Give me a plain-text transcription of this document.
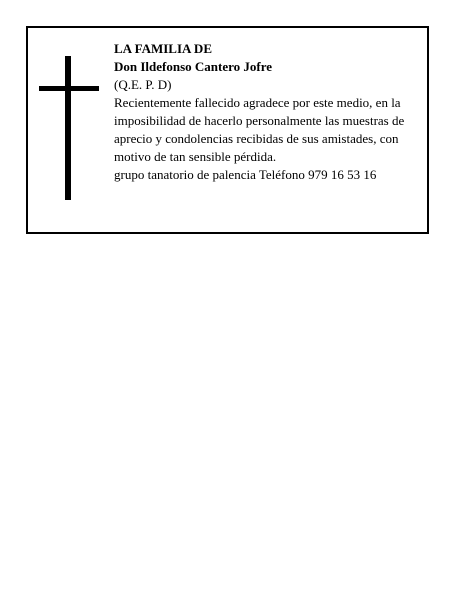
LA FAMILIA DE
Don Ildefonso Cantero Jofre
(Q.E. P. D)
Recientemente fallecido agradece por este medio, en la imposibilidad de hacerlo personalmente las muestras de aprecio y condolencias recibidas de sus amistades, con motivo de tan sensible pérdida.
grupo tanatorio de palencia Teléfono 979 16 53 16
